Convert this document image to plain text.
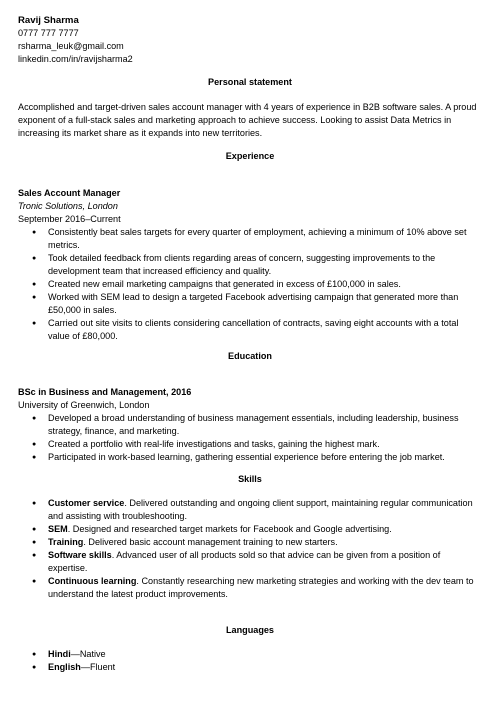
Ravij Sharma
0777 777 7777
rsharma_leuk@gmail.com
linkedin.com/in/ravijsharma2
Personal statement
Accomplished and target-driven sales account manager with 4 years of experience in B2B software sales. A proud exponent of a full-stack sales and marketing approach to achieve success. Looking to assist Data Metrics in increasing its market share as it expands into new territories.
Experience
Sales Account Manager
Tronic Solutions, London
September 2016–Current
● Consistently beat sales targets for every quarter of employment, achieving a minimum of 10% above set metrics.
● Took detailed feedback from clients regarding areas of concern, suggesting improvements to the development team that increased efficiency and quality.
● Created new email marketing campaigns that generated in excess of £100,000 in sales.
● Worked with SEM lead to design a targeted Facebook advertising campaign that generated more than £50,000 in sales.
● Carried out site visits to clients considering cancellation of contracts, saving eight accounts with a total value of £80,000.
Education
BSc in Business and Management, 2016
University of Greenwich, London
● Developed a broad understanding of business management essentials, including leadership, business strategy, finance, and marketing.
● Created a portfolio with real-life investigations and tasks, gaining the highest mark.
● Participated in work-based learning, gathering essential experience before entering the job market.
Skills
● Customer service. Delivered outstanding and ongoing client support, maintaining regular communication and assisting with troubleshooting.
● SEM. Designed and researched target markets for Facebook and Google advertising.
● Training. Delivered basic account management training to new starters.
● Software skills. Advanced user of all products sold so that advice can be given from a position of expertise.
● Continuous learning. Constantly researching new marketing strategies and working with the dev team to understand the latest product improvements.
Languages
● Hindi—Native
● English—Fluent
